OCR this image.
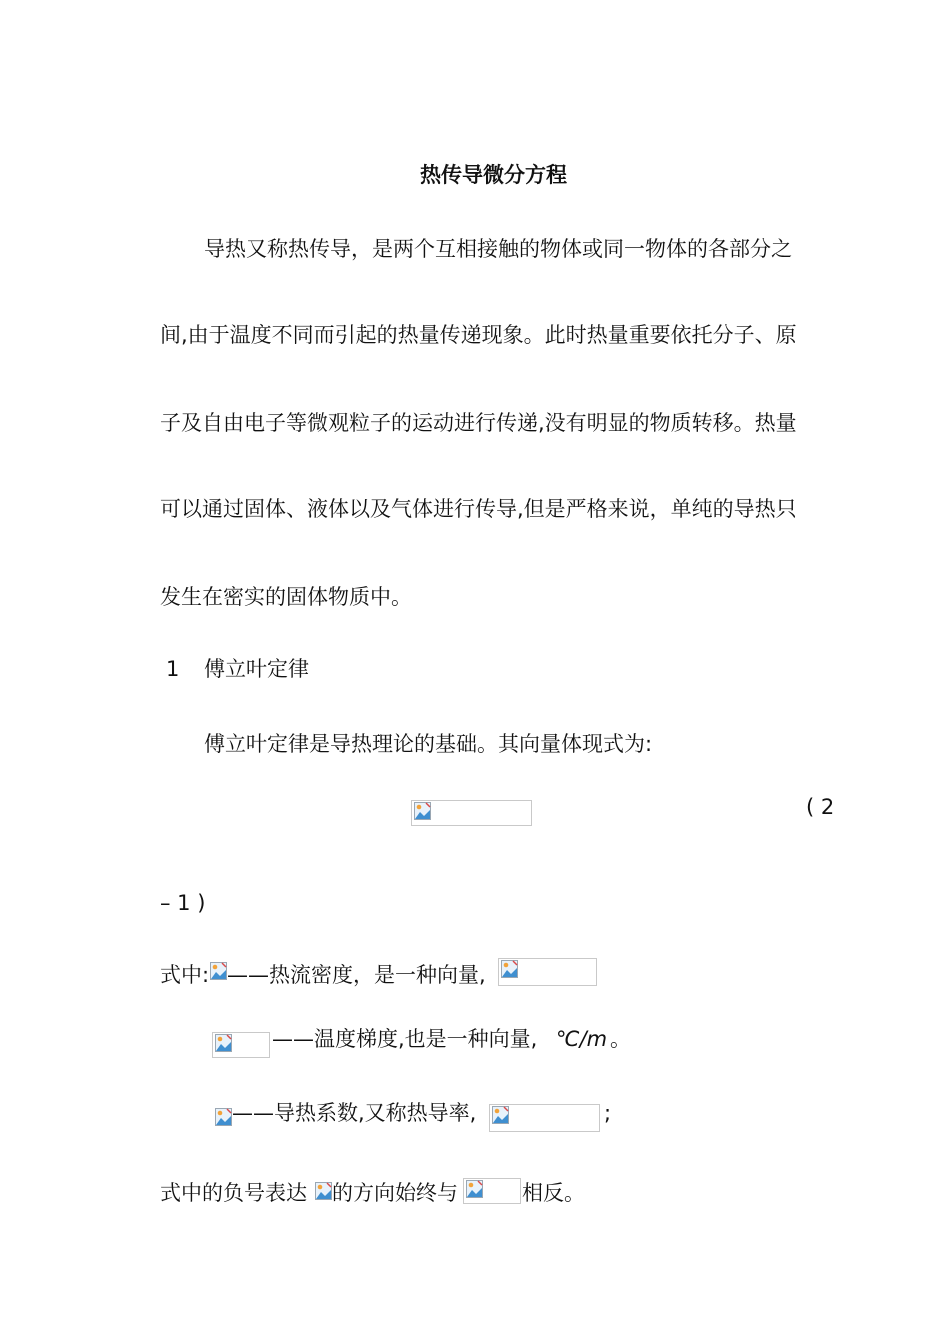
热传导微分方程
导热又称热传导，是两个互相接触的物体或同一物体的各部分之
间,由于温度不同而引起的热量传递现象。此时热量重要依托分子、原
子及自由电子等微观粒子的运动进行传递,没有明显的物质转移。热量
可以通过固体、液体以及气体进行传导,但是严格来说，单纯的导热只
发生在密实的固体物质中。
1 傅立叶定律
傅立叶定律是导热理论的基础。其向量体现式为:
( 2
– 1 )
式中: ——热流密度，是一种向量,
——温度梯度,也是一种向量, ℃/m 。
——导热系数,又称热导率,	;
式中的负号表达 的方向始终与	相反。
